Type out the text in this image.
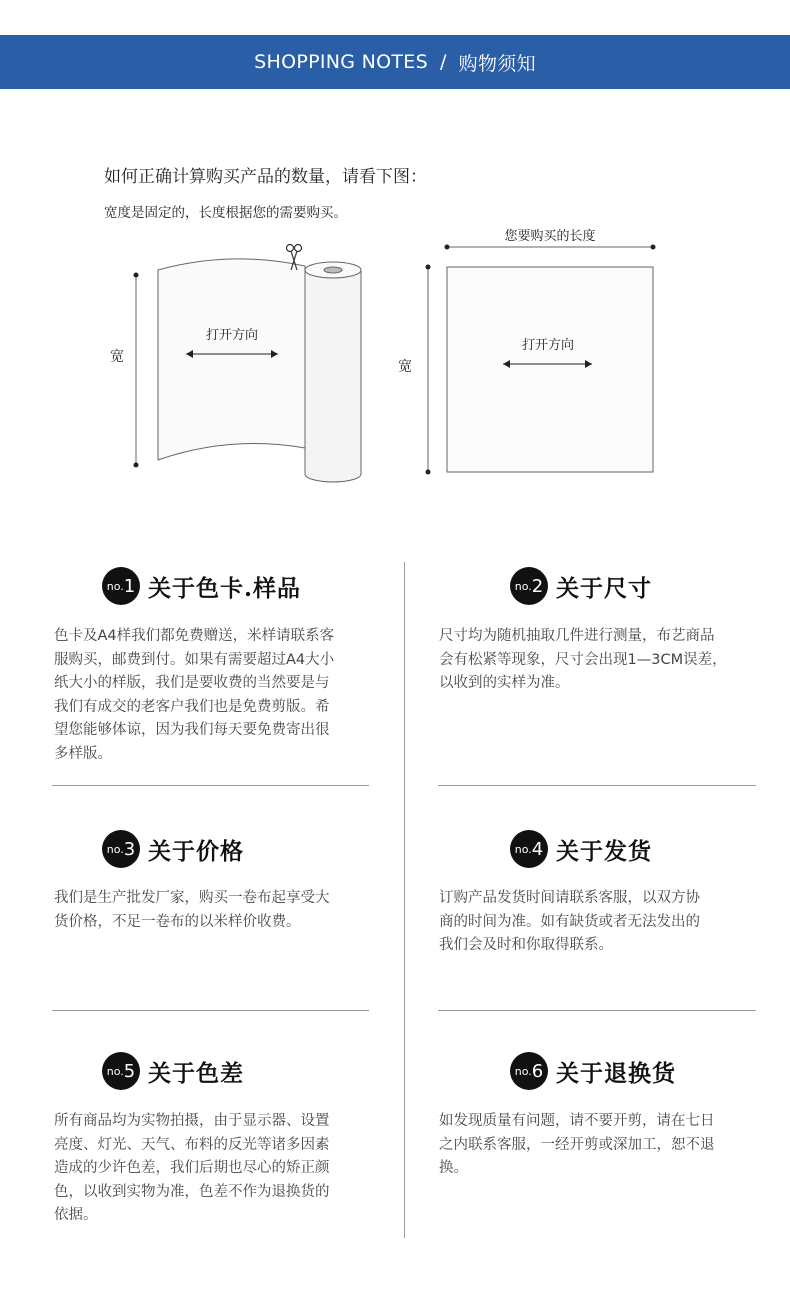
SHOPPING NOTES / 购物须知
如何正确计算购买产品的数量，请看下图：
宽度是固定的，长度根据您的需要购买。
打开方向
宽
您要购买的长度
打开方向
宽
no. 1 关于色卡.样品
色卡及A4样我们都免费赠送，米样请联系客
服购买，邮费到付。如果有需要超过A4大小
纸大小的样版，我们是要收费的当然要是与
我们有成交的老客户我们也是免费剪版。希
望您能够体谅，因为我们每天要免费寄出很
多样版。
no. 2 关于尺寸
尺寸均为随机抽取几件进行测量，布艺商品
会有松紧等现象，尺寸会出现1—3CM误差，
以收到的实样为准。
no. 3 关于价格
我们是生产批发厂家，购买一卷布起享受大
货价格，不足一卷布的以米样价收费。
no. 4 关于发货
订购产品发货时间请联系客服，以双方协
商的时间为准。如有缺货或者无法发出的
我们会及时和你取得联系。
no. 5 关于色差
所有商品均为实物拍摄，由于显示器、设置
亮度、灯光、天气、布料的反光等诸多因素
造成的少许色差，我们后期也尽心的矫正颜
色，以收到实物为准，色差不作为退换货的
依据。
no. 6 关于退换货
如发现质量有问题，请不要开剪，请在七日
之内联系客服，一经开剪或深加工，恕不退
换。
